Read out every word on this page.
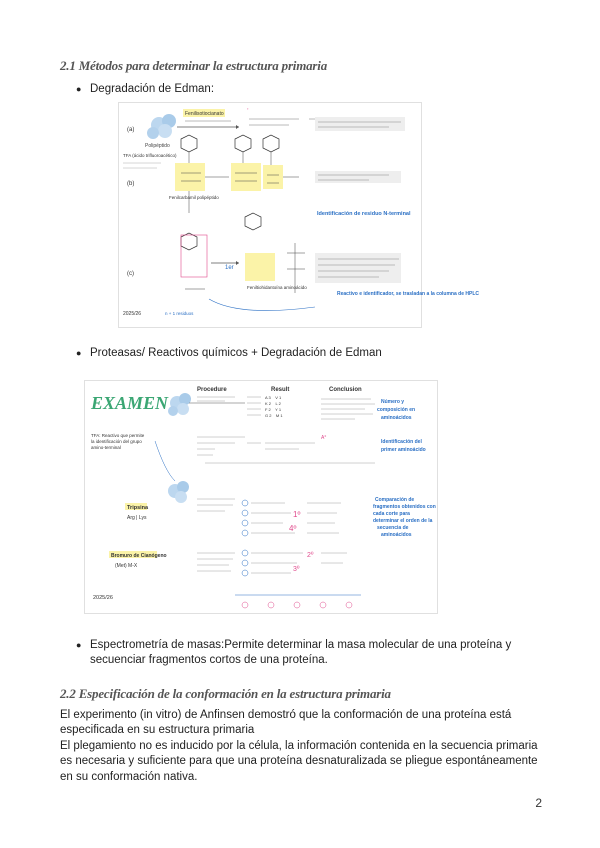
2.1 Métodos para determinar la estructura primaria
● Degradación de Edman:
(a)
(b)
(c)
Polipéptido
Fenilisotiocianato
,
TFA (ácido trifluoroacético)
Fenilcarbamil polipéptido
Identificación de residuo N-terminal
1er
Feniltiohidantoína aminoácido
Reactivo e identificador, se trasladan a la columna de HPLC
n + 1 residuos
2025/26
● Proteasas/ Reactivos químicos + Degradación de Edman
EXAMEN
Procedure	Result	Conclusion
A 3    V 1
K 2    L 2
F 2    Y 1
G 2    M 1
Número y
composición en
aminoácidos
TFA: Reactivo que permite
la identificación del grupo
amino-terminal
A°
Identificación del
primer aminoácido
Tripsina
Arg | Lys	1º
4º
Comparación de
fragmentos obtenidos con
cada corte para
determinar el orden de la
secuencia de
aminoácidos
Bromuro de Cianógeno
(Met) M-X
2º
3º
2025/26
● Espectrometría de masas:Permite determinar la masa molecular de una proteína y secuenciar fragmentos cortos de una proteína.
2.2 Especificación de la conformación en la estructura primaria
El experimento (in vitro) de Anfinsen demostró que la conformación de una proteína está especificada en su estructura primaria
El plegamiento no es inducido por la célula, la información contenida en la secuencia primaria es necesaria y suficiente para que una proteína desnaturalizada se pliegue espontáneamente en su conformación nativa.
2
